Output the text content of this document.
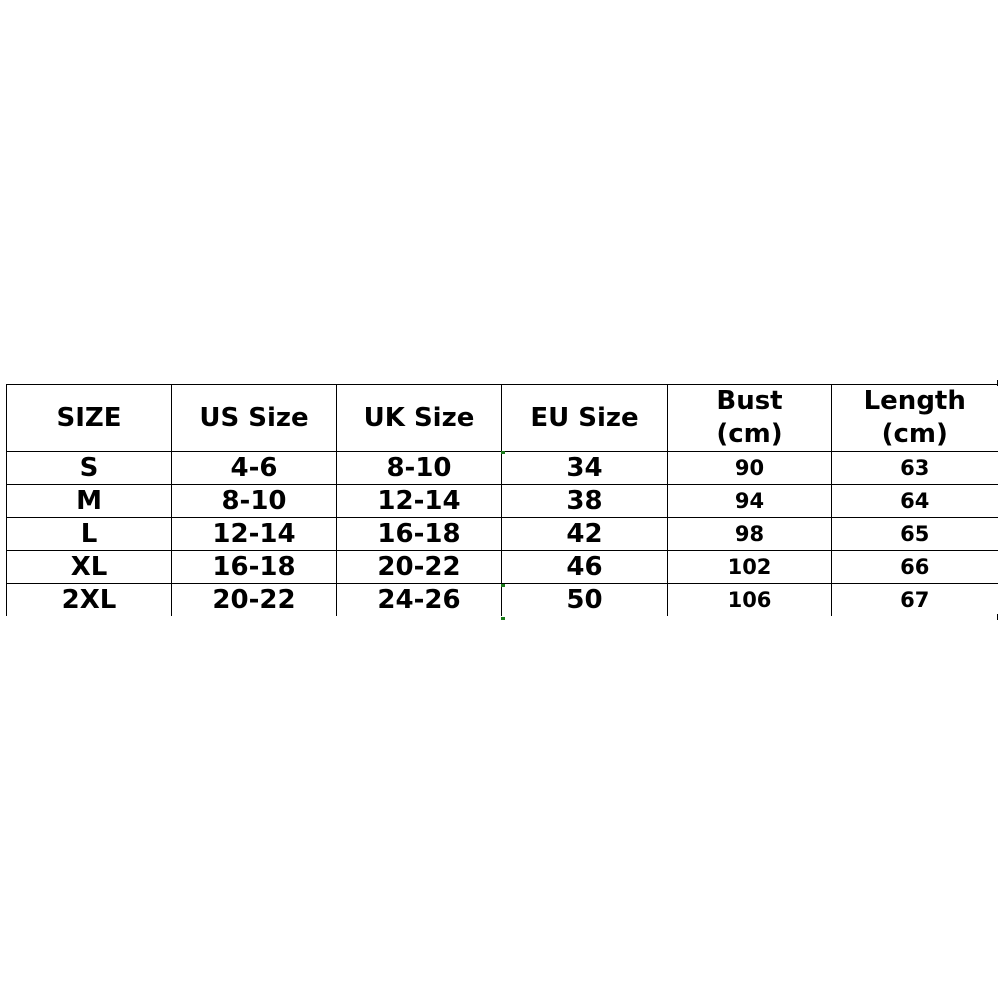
SIZE	US Size	UK Size	EU Size	Bust (cm)	Length (cm)
S	4-6	8-10	34	90	63
M	8-10	12-14	38	94	64
L	12-14	16-18	42	98	65
XL	16-18	20-22	46	102	66
2XL	20-22	24-26	50	106	67
